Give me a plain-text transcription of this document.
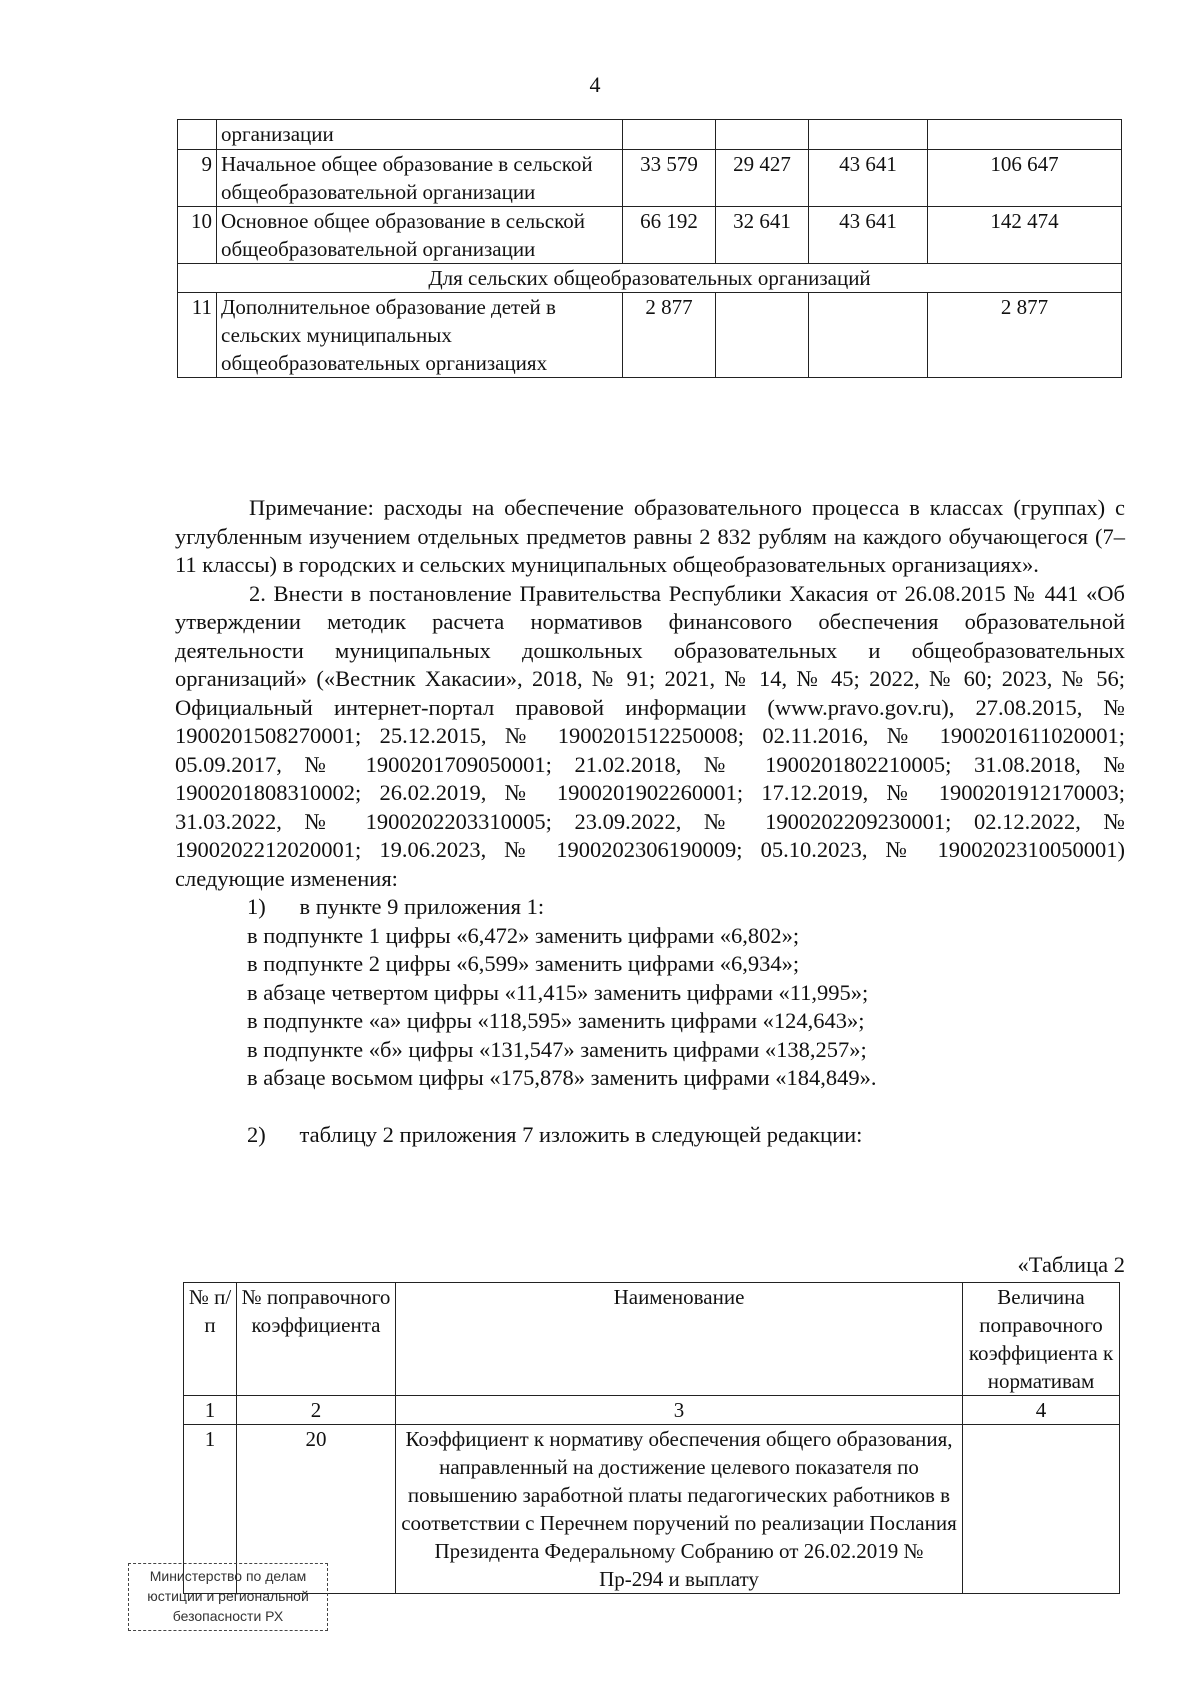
4
	организации				
9	Начальное общее образование в сельской общеобразовательной организации	33 579	29 427	43 641	106 647
10	Основное общее образование в сельской общеобразовательной организации	66 192	32 641	43 641	142 474
Для сельских общеобразовательных организаций					
11	Дополнительное образование детей в сельских муниципальных общеобразовательных организациях	2 877			2 877

Примечание: расходы на обеспечение образовательного процесса в классах (группах) с углубленным изучением отдельных предметов равны 2 832 рублям на каждого обучающегося (7–11 классы) в городских и сельских муниципальных общеобразовательных организациях».

2. Внести в постановление Правительства Республики Хакасия от 26.08.2015 № 441 «Об утверждении методик расчета нормативов финансового обеспечения образовательной деятельности муниципальных дошкольных образовательных и общеобразовательных организаций» («Вестник Хакасии», 2018, № 91; 2021, № 14, № 45; 2022, № 60; 2023, № 56; Официальный интернет-портал правовой информации (www.pravo.gov.ru), 27.08.2015, № 1900201508270001; 25.12.2015, № 1900201512250008; 02.11.2016, № 1900201611020001; 05.09.2017, № 1900201709050001; 21.02.2018, № 1900201802210005; 31.08.2018, № 1900201808310002; 26.02.2019, № 1900201902260001; 17.12.2019, № 1900201912170003; 31.03.2022, № 1900202203310005; 23.09.2022, № 1900202209230001; 02.12.2022, № 1900202212020001; 19.06.2023, № 1900202306190009; 05.10.2023, № 1900202310050001) следующие изменения:

1)      в пункте 9 приложения 1:

в подпункте 1 цифры «6,472» заменить цифрами «6,802»;

в подпункте 2 цифры «6,599» заменить цифрами «6,934»;

в абзаце четвертом цифры «11,415» заменить цифрами «11,995»;

в подпункте «а» цифры «118,595» заменить цифрами «124,643»;

в подпункте «б» цифры «131,547» заменить цифрами «138,257»;

в абзаце восьмом цифры «175,878» заменить цифрами «184,849».

2)      таблицу 2 приложения 7 изложить в следующей редакции:

«Таблица 2
№ п/п	№ поправочного коэффициента	Наименование	Величина поправочного коэффициента к нормативам
1	2	3	4
1	20	Коэффициент к нормативу обеспечения общего образования, направленный на достижение целевого показателя по повышению заработной платы педагогических работников в соответствии с Перечнем поручений по реализации Послания Президента Федеральному Собранию от 26.02.2019 № Пр-294 и выплату	
Министерство по делам
юстиции и региональной
безопасности РХ
